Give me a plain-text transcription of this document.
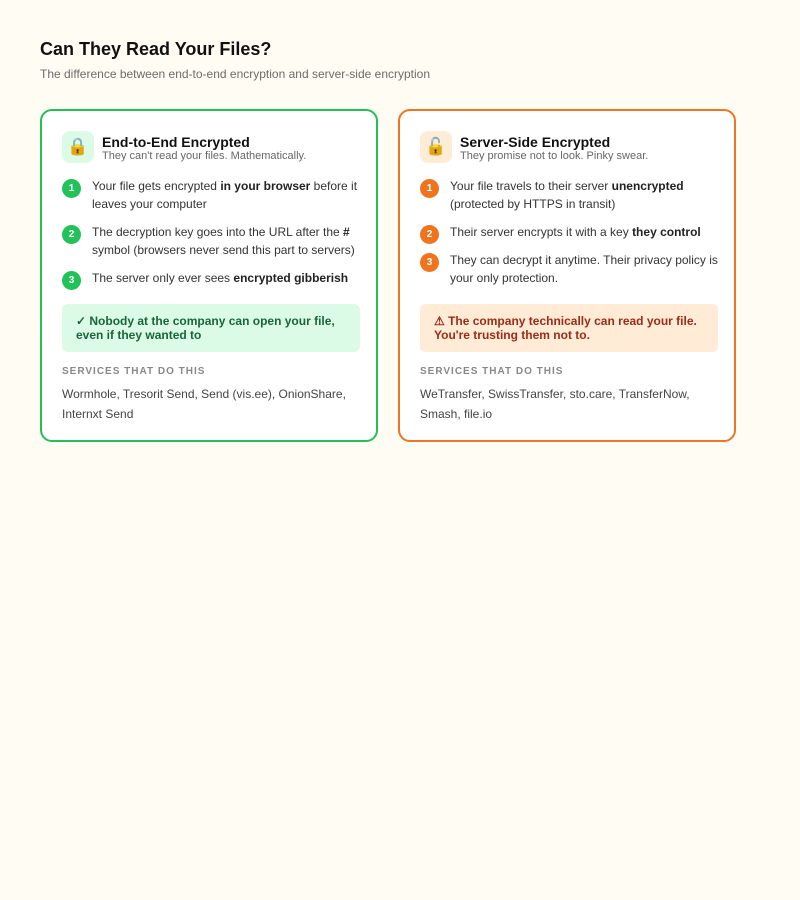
Can They Read Your Files?
The difference between end-to-end encryption and server-side encryption
🔒 End-to-End Encrypted
They can't read your files. Mathematically.
1	Your file gets encrypted in your browser before it leaves your computer
2	The decryption key goes into the URL after the # symbol (browsers never send this part to servers)
3	The server only ever sees encrypted gibberish
✓ Nobody at the company can open your file, even if they wanted to
SERVICES THAT DO THIS
Wormhole, Tresorit Send, Send (vis.ee), OnionShare, Internxt Send
🔓 Server-Side Encrypted
They promise not to look. Pinky swear.
1	Your file travels to their server unencrypted (protected by HTTPS in transit)
2	Their server encrypts it with a key they control
3	They can decrypt it anytime. Their privacy policy is your only protection.
⚠ The company technically can read your file. You're trusting them not to.
SERVICES THAT DO THIS
WeTransfer, SwissTransfer, sto.care, TransferNow, Smash, file.io
